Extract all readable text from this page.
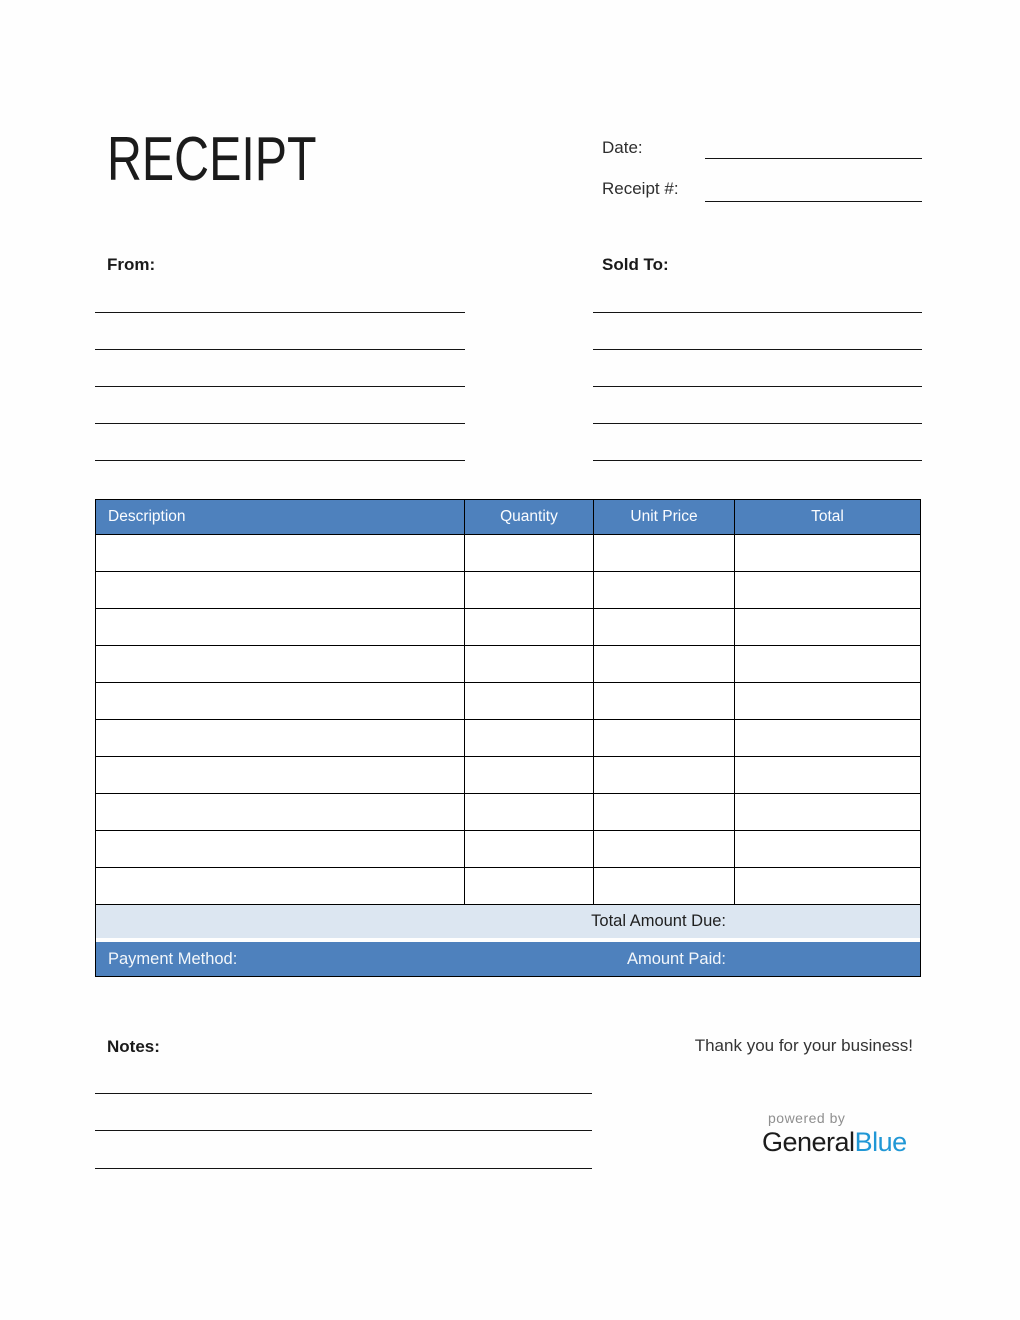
RECEIPT	Date:
Receipt #:
From:	Sold To:
Description	Quantity	Unit Price	Total
Total Amount Due:
Payment Method:	Amount Paid:
Notes:	Thank you for your business!
powered by
GeneralBlue
